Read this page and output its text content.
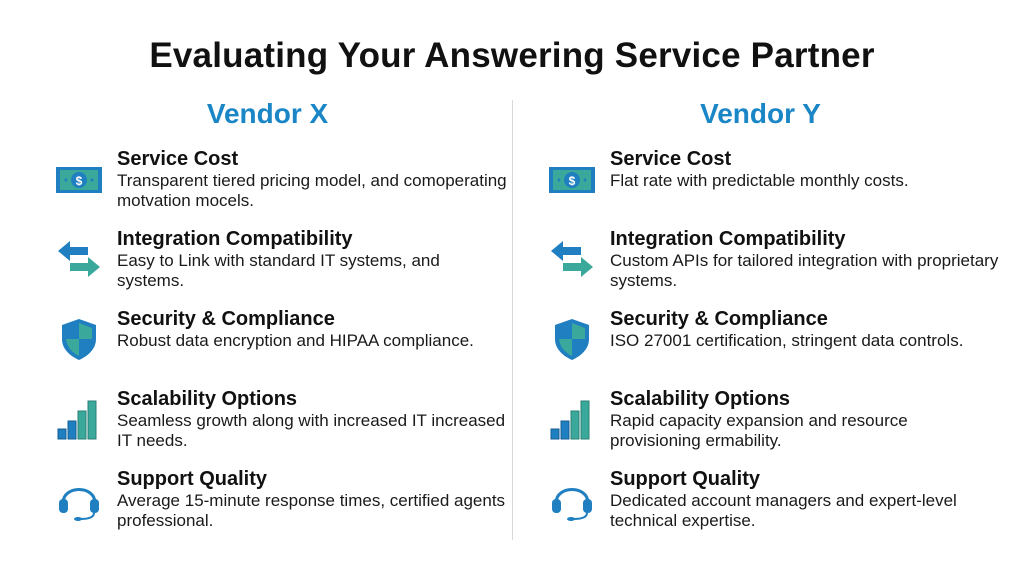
Evaluating Your Answering Service Partner
Vendor X
$
Service Cost
Transparent tiered pricing model, and comoperating motvation mocels.
Integration Compatibility
Easy to Link with standard IT systems, and systems.
Security & Compliance
Robust data encryption and HIPAA compliance.
Scalability Options
Seamless growth along with increased IT increased IT needs.
Support Quality
Average 15-minute response times, certified agents professional.
Vendor Y
$
Service Cost
Flat rate with predictable monthly costs.
Integration Compatibility
Custom APIs for tailored integration with proprietary systems.
Security & Compliance
ISO 27001 certification, stringent data controls.
Scalability Options
Rapid capacity expansion and resource provisioning ermability.
Support Quality
Dedicated account managers and expert-level technical expertise.
